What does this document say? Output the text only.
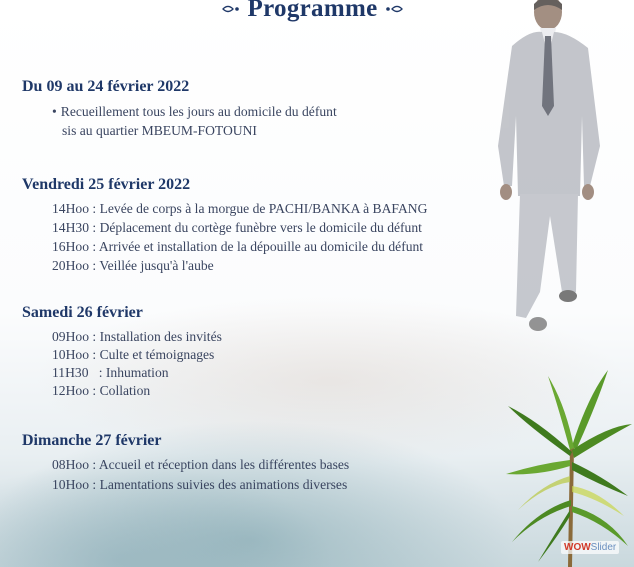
Programme
Du 09 au 24 février 2022
• Recueillement tous les jours au domicile du défunt
sis au quartier MBEUM-FOTOUNI
Vendredi 25 février 2022
14Hoo : Levée de corps à la morgue de PACHI/BANKA à BAFANG
14H30 : Déplacement du cortège funèbre vers le domicile du défunt
16Hoo : Arrivée et installation de la dépouille au domicile du défunt
20Hoo : Veillée jusqu'à l'aube
Samedi 26 février
09Hoo : Installation des invités
10Hoo : Culte et témoignages
11H30   : Inhumation
12Hoo : Collation
Dimanche 27 février
08Hoo : Accueil et réception dans les différentes bases
10Hoo : Lamentations suivies des animations diverses
WOWSlider
